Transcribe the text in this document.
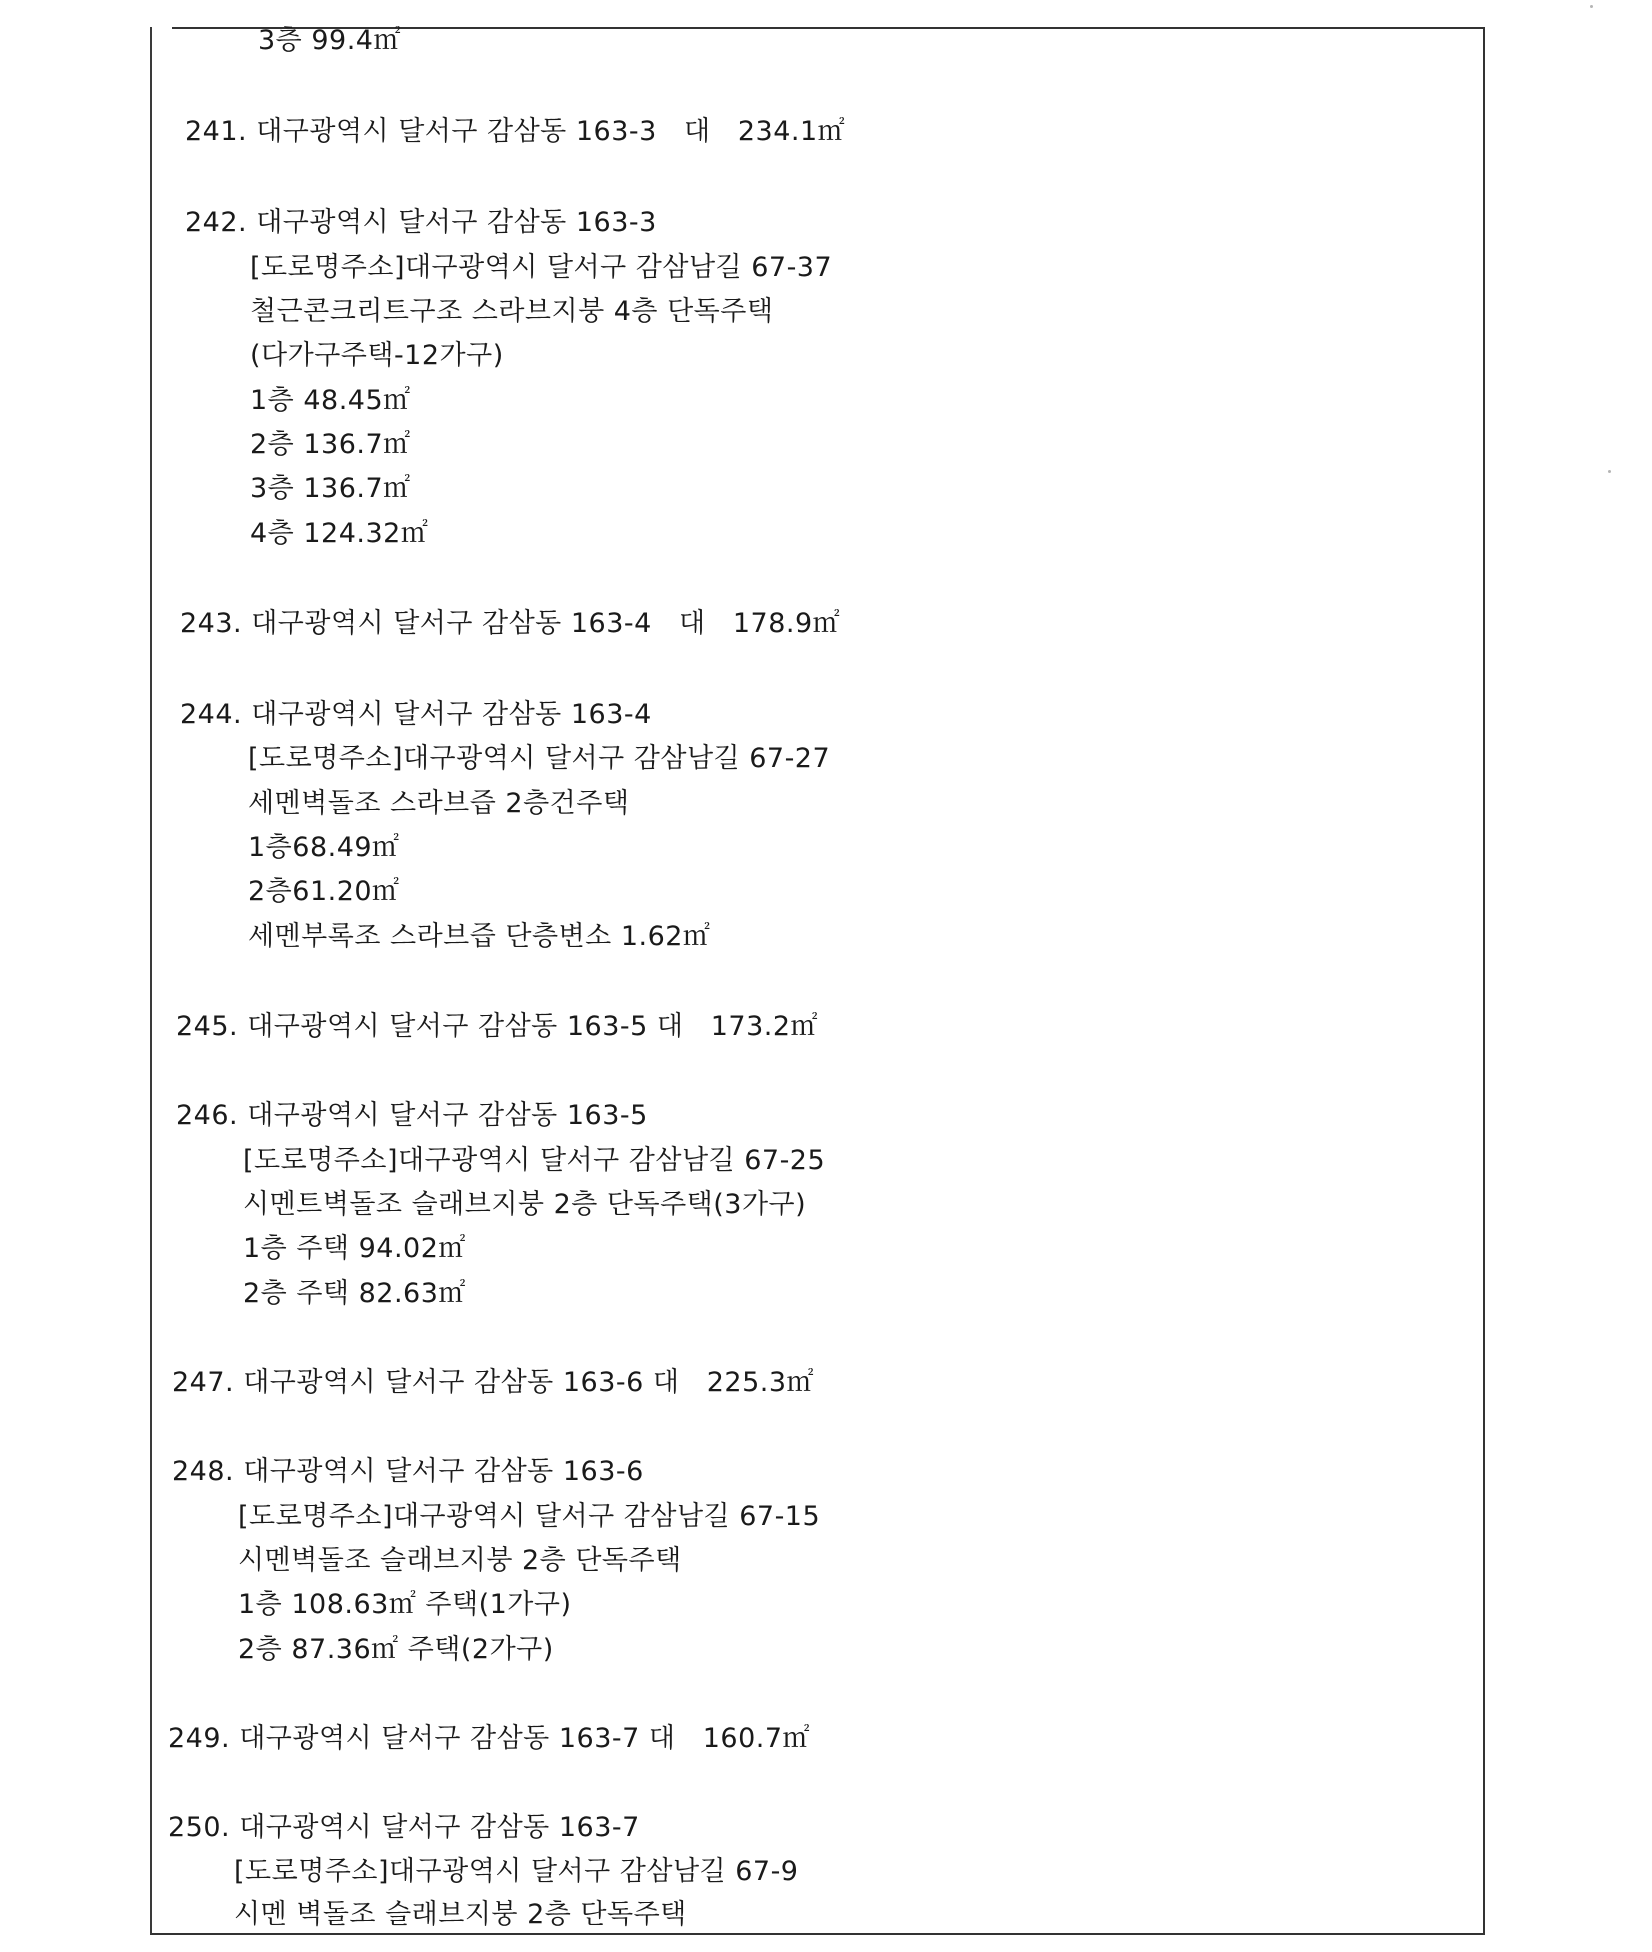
3층 99.4㎡
241. 대구광역시 달서구 감삼동 163-3   대   234.1㎡
242. 대구광역시 달서구 감삼동 163-3
[도로명주소]대구광역시 달서구 감삼남길 67-37
철근콘크리트구조 스라브지붕 4층 단독주택
(다가구주택-12가구)
1층 48.45㎡
2층 136.7㎡
3층 136.7㎡
4층 124.32㎡
243. 대구광역시 달서구 감삼동 163-4   대   178.9㎡
244. 대구광역시 달서구 감삼동 163-4
[도로명주소]대구광역시 달서구 감삼남길 67-27
세멘벽돌조 스라브즙 2층건주택
1층68.49㎡
2층61.20㎡
세멘부록조 스라브즙 단층변소 1.62㎡
245. 대구광역시 달서구 감삼동 163-5 대   173.2㎡
246. 대구광역시 달서구 감삼동 163-5
[도로명주소]대구광역시 달서구 감삼남길 67-25
시멘트벽돌조 슬래브지붕 2층 단독주택(3가구)
1층 주택 94.02㎡
2층 주택 82.63㎡
247. 대구광역시 달서구 감삼동 163-6 대   225.3㎡
248. 대구광역시 달서구 감삼동 163-6
[도로명주소]대구광역시 달서구 감삼남길 67-15
시멘벽돌조 슬래브지붕 2층 단독주택
1층 108.63㎡ 주택(1가구)
2층 87.36㎡ 주택(2가구)
249. 대구광역시 달서구 감삼동 163-7 대   160.7㎡
250. 대구광역시 달서구 감삼동 163-7
[도로명주소]대구광역시 달서구 감삼남길 67-9
시멘 벽돌조 슬래브지붕 2층 단독주택
